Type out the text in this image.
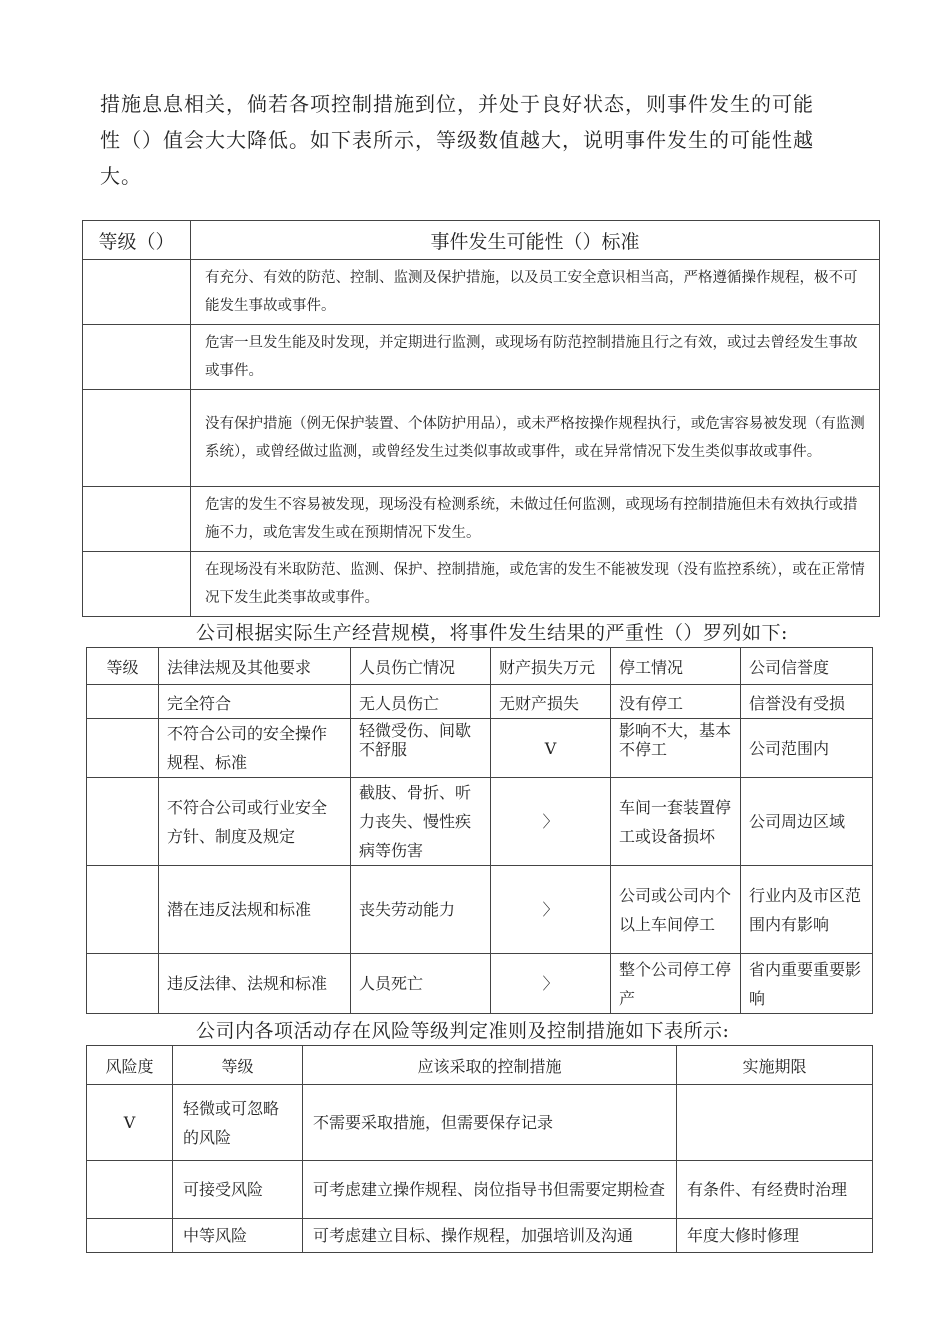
措施息息相关，倘若各项控制措施到位，并处于良好状态，则事件发生的可能

性（）值会大大降低。如下表所示，等级数值越大，说明事件发生的可能性越

大。

等级（）	事件发生可能性（）标准
	有充分、有效的防范、控制、监测及保护措施，以及员工安全意识相当高，严格遵循操作规程，极不可能发生事故或事件。
	危害一旦发生能及时发现，并定期进行监测，或现场有防范控制措施且行之有效，或过去曾经发生事故或事件。
	没有保护措施（例无保护装置、个体防护用品），或未严格按操作规程执行，或危害容易被发现（有监测系统），或曾经做过监测，或曾经发生过类似事故或事件，或在异常情况下发生类似事故或事件。
	危害的发生不容易被发现，现场没有检测系统，未做过任何监测，或现场有控制措施但未有效执行或措施不力，或危害发生或在预期情况下发生。
	在现场没有米取防范、监测、保护、控制措施，或危害的发生不能被发现（没有监控系统），或在正常情况下发生此类事故或事件。
公司根据实际生产经营规模，将事件发生结果的严重性（）罗列如下:
等级	法律法规及其他要求	人员伤亡情况	财产损失万元	停工情况	公司信誉度
	完全符合	无人员伤亡	无财产损失	没有停工	信誉没有受损
	不符合公司的安全操作规程、标准	轻微受伤、间歇不舒服	V	影响不大，基本不停工	公司范围内
	不符合公司或行业安全方针、制度及规定	截肢、骨折、听力丧失、慢性疾病等伤害	〉	车间一套装置停工或设备损坏	公司周边区域
	潜在违反法规和标准	丧失劳动能力	〉	公司或公司内个以上车间停工	行业内及市区范围内有影响
	违反法律、法规和标准	人员死亡	〉	整个公司停工停产	省内重要重要影响
公司内各项活动存在风险等级判定准则及控制措施如下表所示:
风险度	等级	应该采取的控制措施	实施期限
V	轻微或可忽略的风险	不需要采取措施，但需要保存记录	
	可接受风险	可考虑建立操作规程、岗位指导书但需要定期检查	有条件、有经费时治理
	中等风险	可考虑建立目标、操作规程，加强培训及沟通	年度大修时修理
